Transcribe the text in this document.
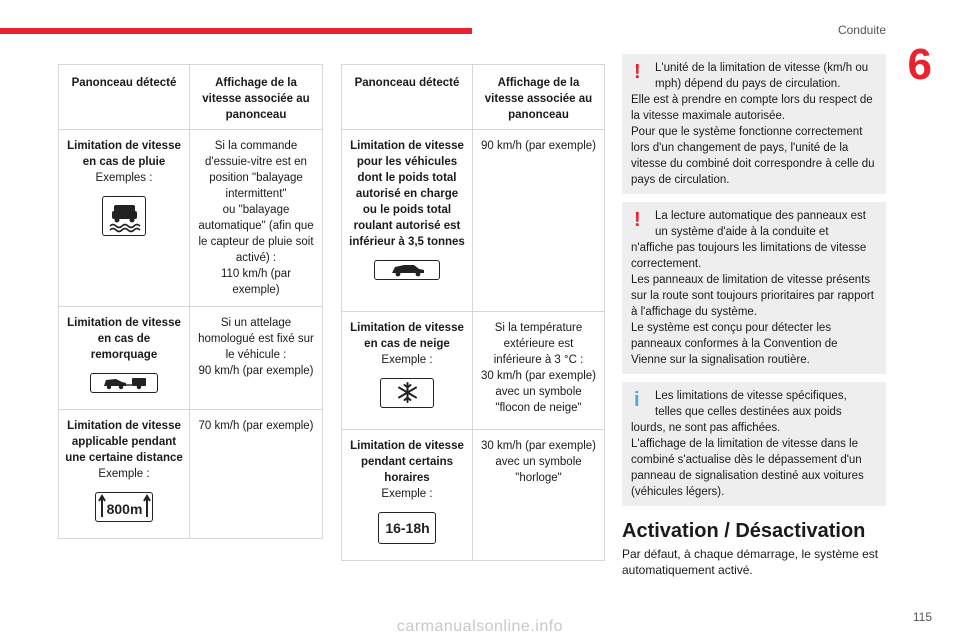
Conduite
6
Panonceau détecté	Affichage de la vitesse associée au panonceau

Limitation de vitesse en cas de pluie
Exemples :	Si la commande d'essuie-vitre est en position "balayage intermittent"
ou "balayage automatique" (afin que le capteur de pluie soit activé) :
110 km/h (par exemple)

Limitation de vitesse en cas de remorquage	Si un attelage homologué est fixé sur le véhicule :
90 km/h (par exemple)

Limitation de vitesse applicable pendant une certaine distance
Exemple :
800m	70 km/h (par exemple)

Panonceau détecté	Affichage de la vitesse associée au panonceau

Limitation de vitesse pour les véhicules dont le poids total autorisé en charge ou le poids total roulant autorisé est inférieur à 3,5 tonnes	90 km/h (par exemple)

Limitation de vitesse en cas de neige
Exemple :	Si la température extérieure est inférieure à 3 °C :
30 km/h (par exemple)
avec un symbole "flocon de neige"

Limitation de vitesse pendant certains horaires
Exemple :
16-18h	30 km/h (par exemple)
avec un symbole "horloge"

!	L'unité de la limitation de vitesse (km/h ou mph) dépend du pays de circulation.

Elle est à prendre en compte lors du respect de la vitesse maximale autorisée.
Pour que le système fonctionne correctement lors d'un changement de pays, l'unité de la vitesse du combiné doit correspondre à celle du pays de circulation.

!	La lecture automatique des panneaux est un système d'aide à la conduite et

n'affiche pas toujours les limitations de vitesse correctement.
Les panneaux de limitation de vitesse présents sur la route sont toujours prioritaires par rapport à l'affichage du système.
Le système est conçu pour détecter les panneaux conformes à la Convention de Vienne sur la signalisation routière.

i	Les limitations de vitesse spécifiques, telles que celles destinées aux poids

lourds, ne sont pas affichées.
L'affichage de la limitation de vitesse dans le combiné s'actualise dès le dépassement d'un panneau de signalisation destiné aux voitures (véhicules légers).

Activation / Désactivation
Par défaut, à chaque démarrage, le système est automatiquement activé.
115
carmanualsonline.info
